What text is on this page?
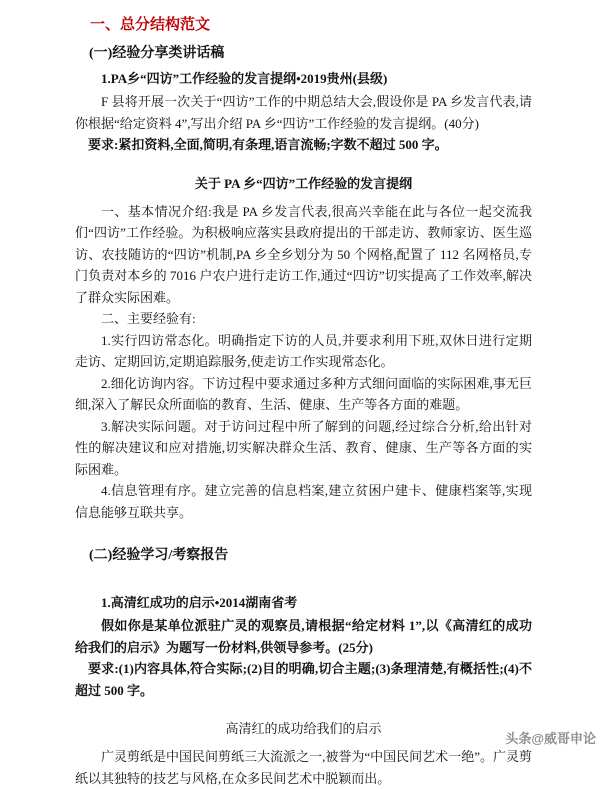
一、总分结构范文
(一)经验分享类讲话稿
1.PA乡“四访”工作经验的发言提纲•2019贵州(县级)

F 县将开展一次关于“四访”工作的中期总结大会,假设你是 PA 乡发言代表,请你根据“给定资料 4”,写出介绍 PA 乡“四访”工作经验的发言提纲。(40分)

要求:紧扣资料,全面,简明,有条理,语言流畅;字数不超过 500 字。

关于 PA 乡“四访”工作经验的发言提纲

一、基本情况介绍:我是 PA 乡发言代表,很高兴幸能在此与各位一起交流我们“四访”工作经验。为积极响应落实县政府提出的干部走访、教师家访、医生巡访、农技随访的“四访”机制,PA 乡全乡划分为 50 个网格,配置了 112 名网格员,专门负责对本乡的 7016 户农户进行走访工作,通过“四访”切实提高了工作效率,解决了群众实际困难。

二、主要经验有:

1.实行四访常态化。明确指定下访的人员,并要求利用下班,双休日进行定期走访、定期回访,定期追踪服务,使走访工作实现常态化。

2.细化访询内容。下访过程中要求通过多种方式细问面临的实际困难,事无巨细,深入了解民众所面临的教育、生活、健康、生产等各方面的难题。

3.解决实际问题。对于访问过程中所了解到的问题,经过综合分析,给出针对性的解决建议和应对措施,切实解决群众生活、教育、健康、生产等各方面的实际困难。

4.信息管理有序。建立完善的信息档案,建立贫困户建卡、健康档案等,实现信息能够互联共享。

(二)经验学习/考察报告
1.高清红成功的启示•2014湖南省考

假如你是某单位派驻广灵的观察员,请根据“给定材料 1”,以《高清红的成功给我们的启示》为题写一份材料,供领导参考。(25分)

要求:(1)内容具体,符合实际;(2)目的明确,切合主题;(3)条理清楚,有概括性;(4)不超过 500 字。

高清红的成功给我们的启示

广灵剪纸是中国民间剪纸三大流派之一,被誉为“中国民间艺术一绝”。广灵剪纸以其独特的技艺与风格,在众多民间艺术中脱颖而出。

头条@威哥申论
